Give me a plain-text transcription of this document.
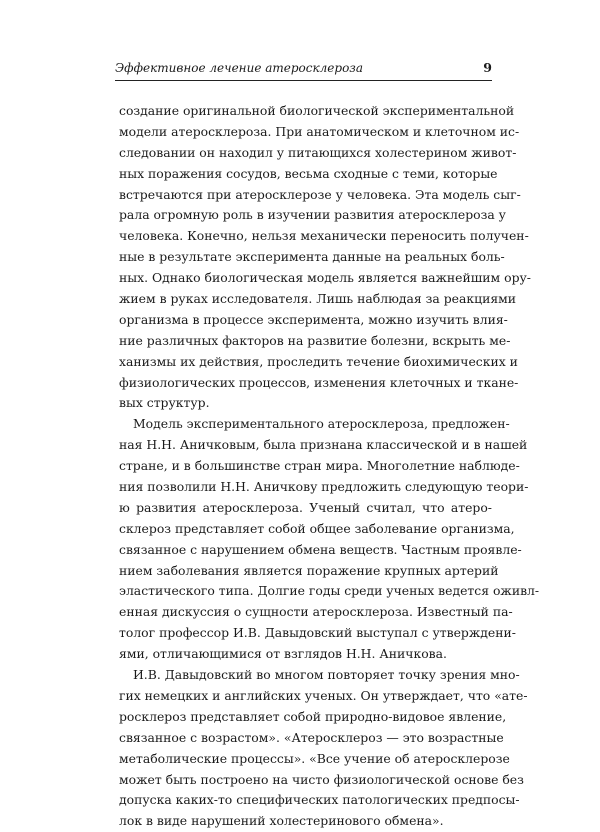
Эффективное лечение атеросклероза	9
создание оригинальной биологической экспериментальной
модели атеросклероза. При анатомическом и клеточном ис-
следовании он находил у питающихся холестерином живот-
ных поражения сосудов, весьма сходные с теми, которые
встречаются при атеросклерозе у человека. Эта модель сыг-
рала огромную роль в изучении развития атеросклероза у
человека. Конечно, нельзя механически переносить получен-
ные в результате эксперимента данные на реальных боль-
ных. Однако биологическая модель является важнейшим ору-
жием в руках исследователя. Лишь наблюдая за реакциями
организма в процессе эксперимента, можно изучить влия-
ние различных факторов на развитие болезни, вскрыть ме-
ханизмы их действия, проследить течение биохимических и
физиологических процессов, изменения клеточных и ткане-
вых структур.
Модель экспериментального атеросклероза, предложен-
ная Н.Н. Аничковым, была признана классической и в нашей
стране, и в большинстве стран мира. Многолетние наблюде-
ния позволили Н.Н. Аничкову предложить следующую теори-
ю развития атеросклероза. Ученый считал, что атеро-
склероз представляет собой общее заболевание организма,
связанное с нарушением обмена веществ. Частным проявле-
нием заболевания является поражение крупных артерий
эластического типа. Долгие годы среди ученых ведется оживл-
енная дискуссия о сущности атеросклероза. Известный па-
толог профессор И.В. Давыдовский выступал с утверждени-
ями, отличающимися от взглядов Н.Н. Аничкова.
И.В. Давыдовский во многом повторяет точку зрения мно-
гих немецких и английских ученых. Он утверждает, что «ате-
росклероз представляет собой природно-видовое явление,
связанное с возрастом». «Атеросклероз — это возрастные
метаболические процессы». «Все учение об атеросклерозе
может быть построено на чисто физиологической основе без
допуска каких-то специфических патологических предпосы-
лок в виде нарушений холестеринового обмена».
